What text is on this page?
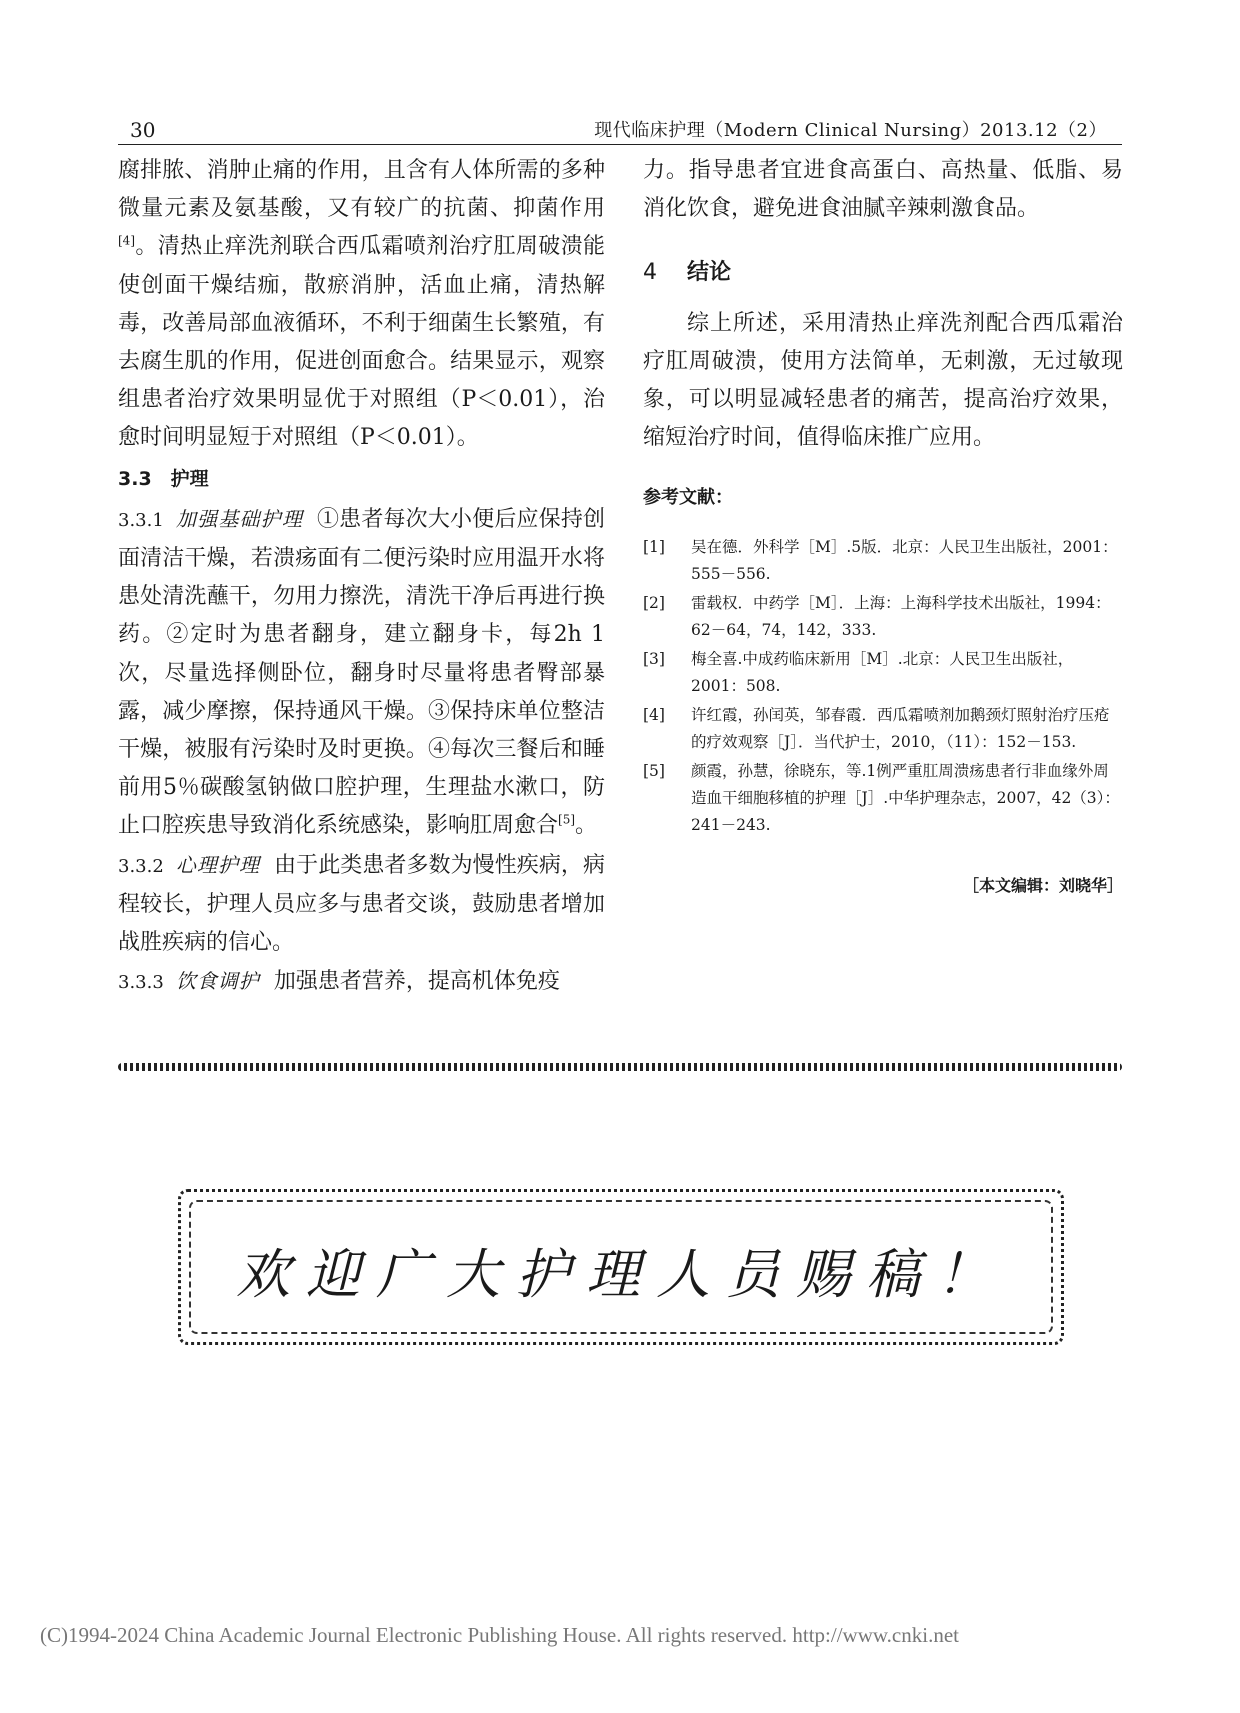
30	现代临床护理（Modern Clinical Nursing）2013.12（2）

腐排脓、消肿止痛的作用，且含有人体所需的多种微量元素及氨基酸，又有较广的抗菌、抑菌作用[4]。清热止痒洗剂联合西瓜霜喷剂治疗肛周破溃能使创面干燥结痂，散瘀消肿，活血止痛，清热解毒，改善局部血液循环，不利于细菌生长繁殖，有去腐生肌的作用，促进创面愈合。结果显示，观察组患者治疗效果明显优于对照组（P＜0.01），治愈时间明显短于对照组（P＜0.01）。

3.3　护理

3.3.1 加强基础护理 ①患者每次大小便后应保持创面清洁干燥，若溃疡面有二便污染时应用温开水将患处清洗蘸干，勿用力擦洗，清洗干净后再进行换药。②定时为患者翻身，建立翻身卡，每2h 1次，尽量选择侧卧位，翻身时尽量将患者臀部暴露，减少摩擦，保持通风干燥。③保持床单位整洁干燥，被服有污染时及时更换。④每次三餐后和睡前用5％碳酸氢钠做口腔护理，生理盐水漱口，防止口腔疾患导致消化系统感染，影响肛周愈合[5]。

3.3.2 心理护理 由于此类患者多数为慢性疾病，病程较长，护理人员应多与患者交谈，鼓励患者增加战胜疾病的信心。

3.3.3 饮食调护 加强患者营养，提高机体免疫

力。指导患者宜进食高蛋白、高热量、低脂、易消化饮食，避免进食油腻辛辣刺激食品。

4 结论

综上所述，采用清热止痒洗剂配合西瓜霜治疗肛周破溃，使用方法简单，无刺激，无过敏现象，可以明显减轻患者的痛苦，提高治疗效果，缩短治疗时间，值得临床推广应用。

参考文献：
[1]	吴在德．外科学［M］.5版．北京：人民卫生出版社，2001：555－556.
[2]	雷载权．中药学［M］．上海：上海科学技术出版社，1994：62－64，74，142，333.
[3]	梅全喜.中成药临床新用［M］.北京：人民卫生出版社，2001：508.
[4]	许红霞，孙闰英，邹春霞．西瓜霜喷剂加鹅颈灯照射治疗压疮的疗效观察［J］．当代护士，2010，（11）：152－153.
[5]	颜霞，孙慧，徐晓东，等.1例严重肛周溃疡患者行非血缘外周造血干细胞移植的护理［J］.中华护理杂志，2007，42（3）：241－243.
［本文编辑：刘晓华］
欢迎广大护理人员赐稿！
(C)1994-2024 China Academic Journal Electronic Publishing House. All rights reserved. http://www.cnki.net
